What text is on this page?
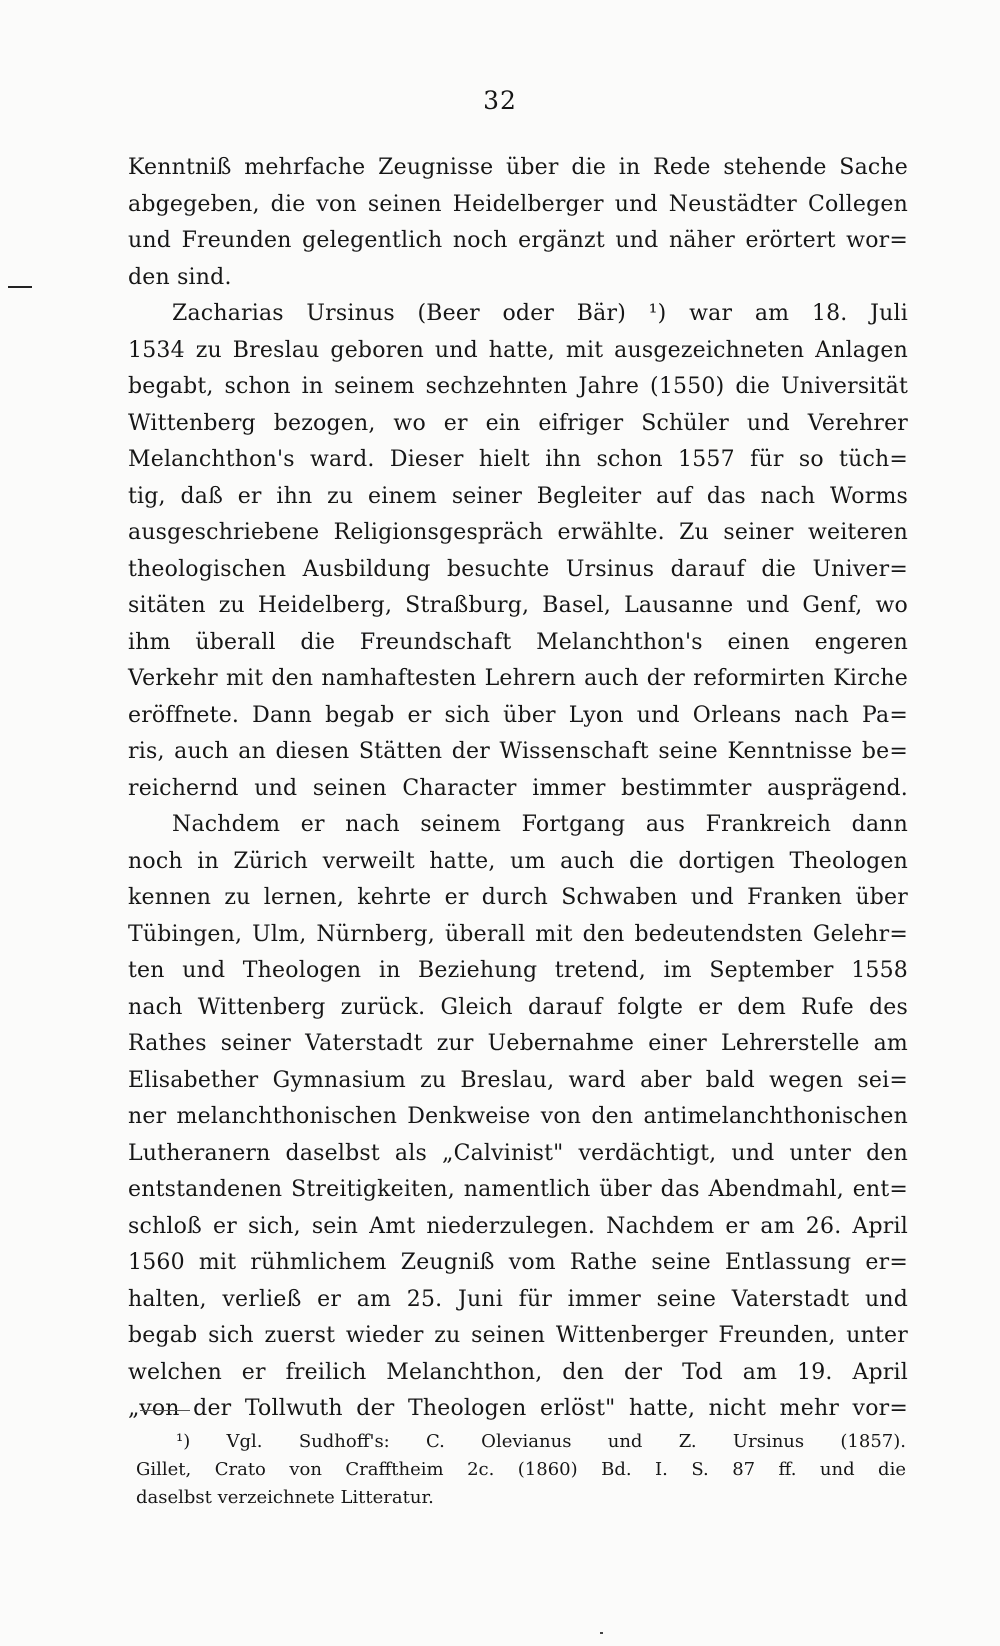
32
Kenntniß mehrfache Zeugnisse über die in Rede stehende Sache
abgegeben, die von seinen Heidelberger und Neustädter Collegen
und Freunden gelegentlich noch ergänzt und näher erörtert wor=
den sind.
Zacharias Ursinus (Beer oder Bär) ¹) war am 18. Juli
1534 zu Breslau geboren und hatte, mit ausgezeichneten Anlagen
begabt, schon in seinem sechzehnten Jahre (1550) die Universität
Wittenberg bezogen, wo er ein eifriger Schüler und Verehrer
Melanchthon's ward. Dieser hielt ihn schon 1557 für so tüch=
tig, daß er ihn zu einem seiner Begleiter auf das nach Worms
ausgeschriebene Religionsgespräch erwählte. Zu seiner weiteren
theologischen Ausbildung besuchte Ursinus darauf die Univer=
sitäten zu Heidelberg, Straßburg, Basel, Lausanne und Genf, wo
ihm überall die Freundschaft Melanchthon's einen engeren
Verkehr mit den namhaftesten Lehrern auch der reformirten Kirche
eröffnete. Dann begab er sich über Lyon und Orleans nach Pa=
ris, auch an diesen Stätten der Wissenschaft seine Kenntnisse be=
reichernd und seinen Character immer bestimmter ausprägend.
Nachdem er nach seinem Fortgang aus Frankreich dann
noch in Zürich verweilt hatte, um auch die dortigen Theologen
kennen zu lernen, kehrte er durch Schwaben und Franken über
Tübingen, Ulm, Nürnberg, überall mit den bedeutendsten Gelehr=
ten und Theologen in Beziehung tretend, im September 1558
nach Wittenberg zurück. Gleich darauf folgte er dem Rufe des
Rathes seiner Vaterstadt zur Uebernahme einer Lehrerstelle am
Elisabether Gymnasium zu Breslau, ward aber bald wegen sei=
ner melanchthonischen Denkweise von den antimelanchthonischen
Lutheranern daselbst als „Calvinist" verdächtigt, und unter den
entstandenen Streitigkeiten, namentlich über das Abendmahl, ent=
schloß er sich, sein Amt niederzulegen. Nachdem er am 26. April
1560 mit rühmlichem Zeugniß vom Rathe seine Entlassung er=
halten, verließ er am 25. Juni für immer seine Vaterstadt und
begab sich zuerst wieder zu seinen Wittenberger Freunden, unter
welchen er freilich Melanchthon, den der Tod am 19. April
„von der Tollwuth der Theologen erlöst" hatte, nicht mehr vor=
¹) Vgl. Sudhoff's: C. Olevianus und Z. Ursinus (1857).
Gillet, Crato von Crafftheim 2c. (1860) Bd. I. S. 87 ff. und die
daselbst verzeichnete Litteratur.
